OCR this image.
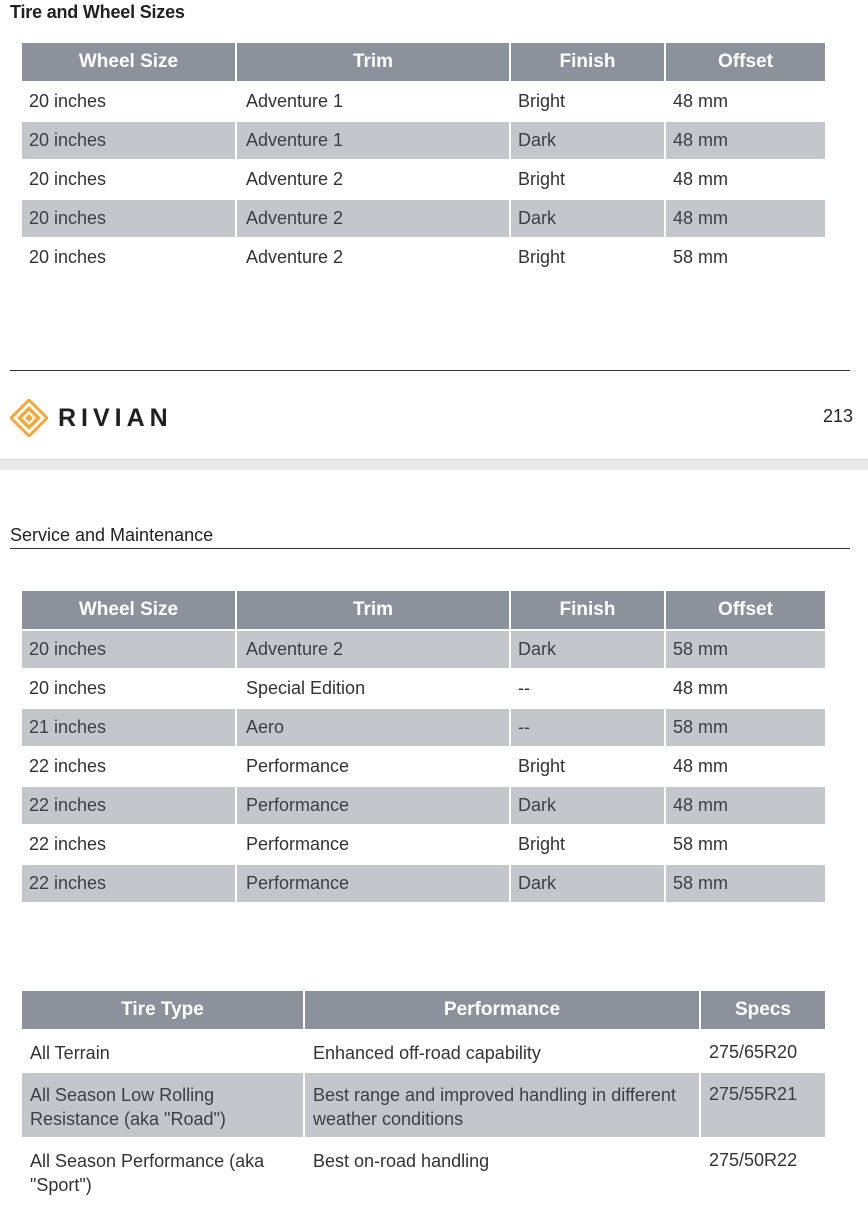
Tire and Wheel Sizes
Wheel Size	Trim	Finish	Offset
20 inches	Adventure 1	Bright	48 mm
20 inches	Adventure 1	Dark	48 mm
20 inches	Adventure 2	Bright	48 mm
20 inches	Adventure 2	Dark	48 mm
20 inches	Adventure 2	Bright	58 mm
RIVIAN	213
Service and Maintenance
Wheel Size	Trim	Finish	Offset
20 inches	Adventure 2	Dark	58 mm
20 inches	Special Edition	--	48 mm
21 inches	Aero	--	58 mm
22 inches	Performance	Bright	48 mm
22 inches	Performance	Dark	48 mm
22 inches	Performance	Bright	58 mm
22 inches	Performance	Dark	58 mm
Tire Type	Performance	Specs
All Terrain	Enhanced off-road capability	275/65R20
All Season Low Rolling Resistance (aka "Road")	Best range and improved handling in different weather conditions	275/55R21
All Season Performance (aka "Sport")	Best on-road handling	275/50R22
